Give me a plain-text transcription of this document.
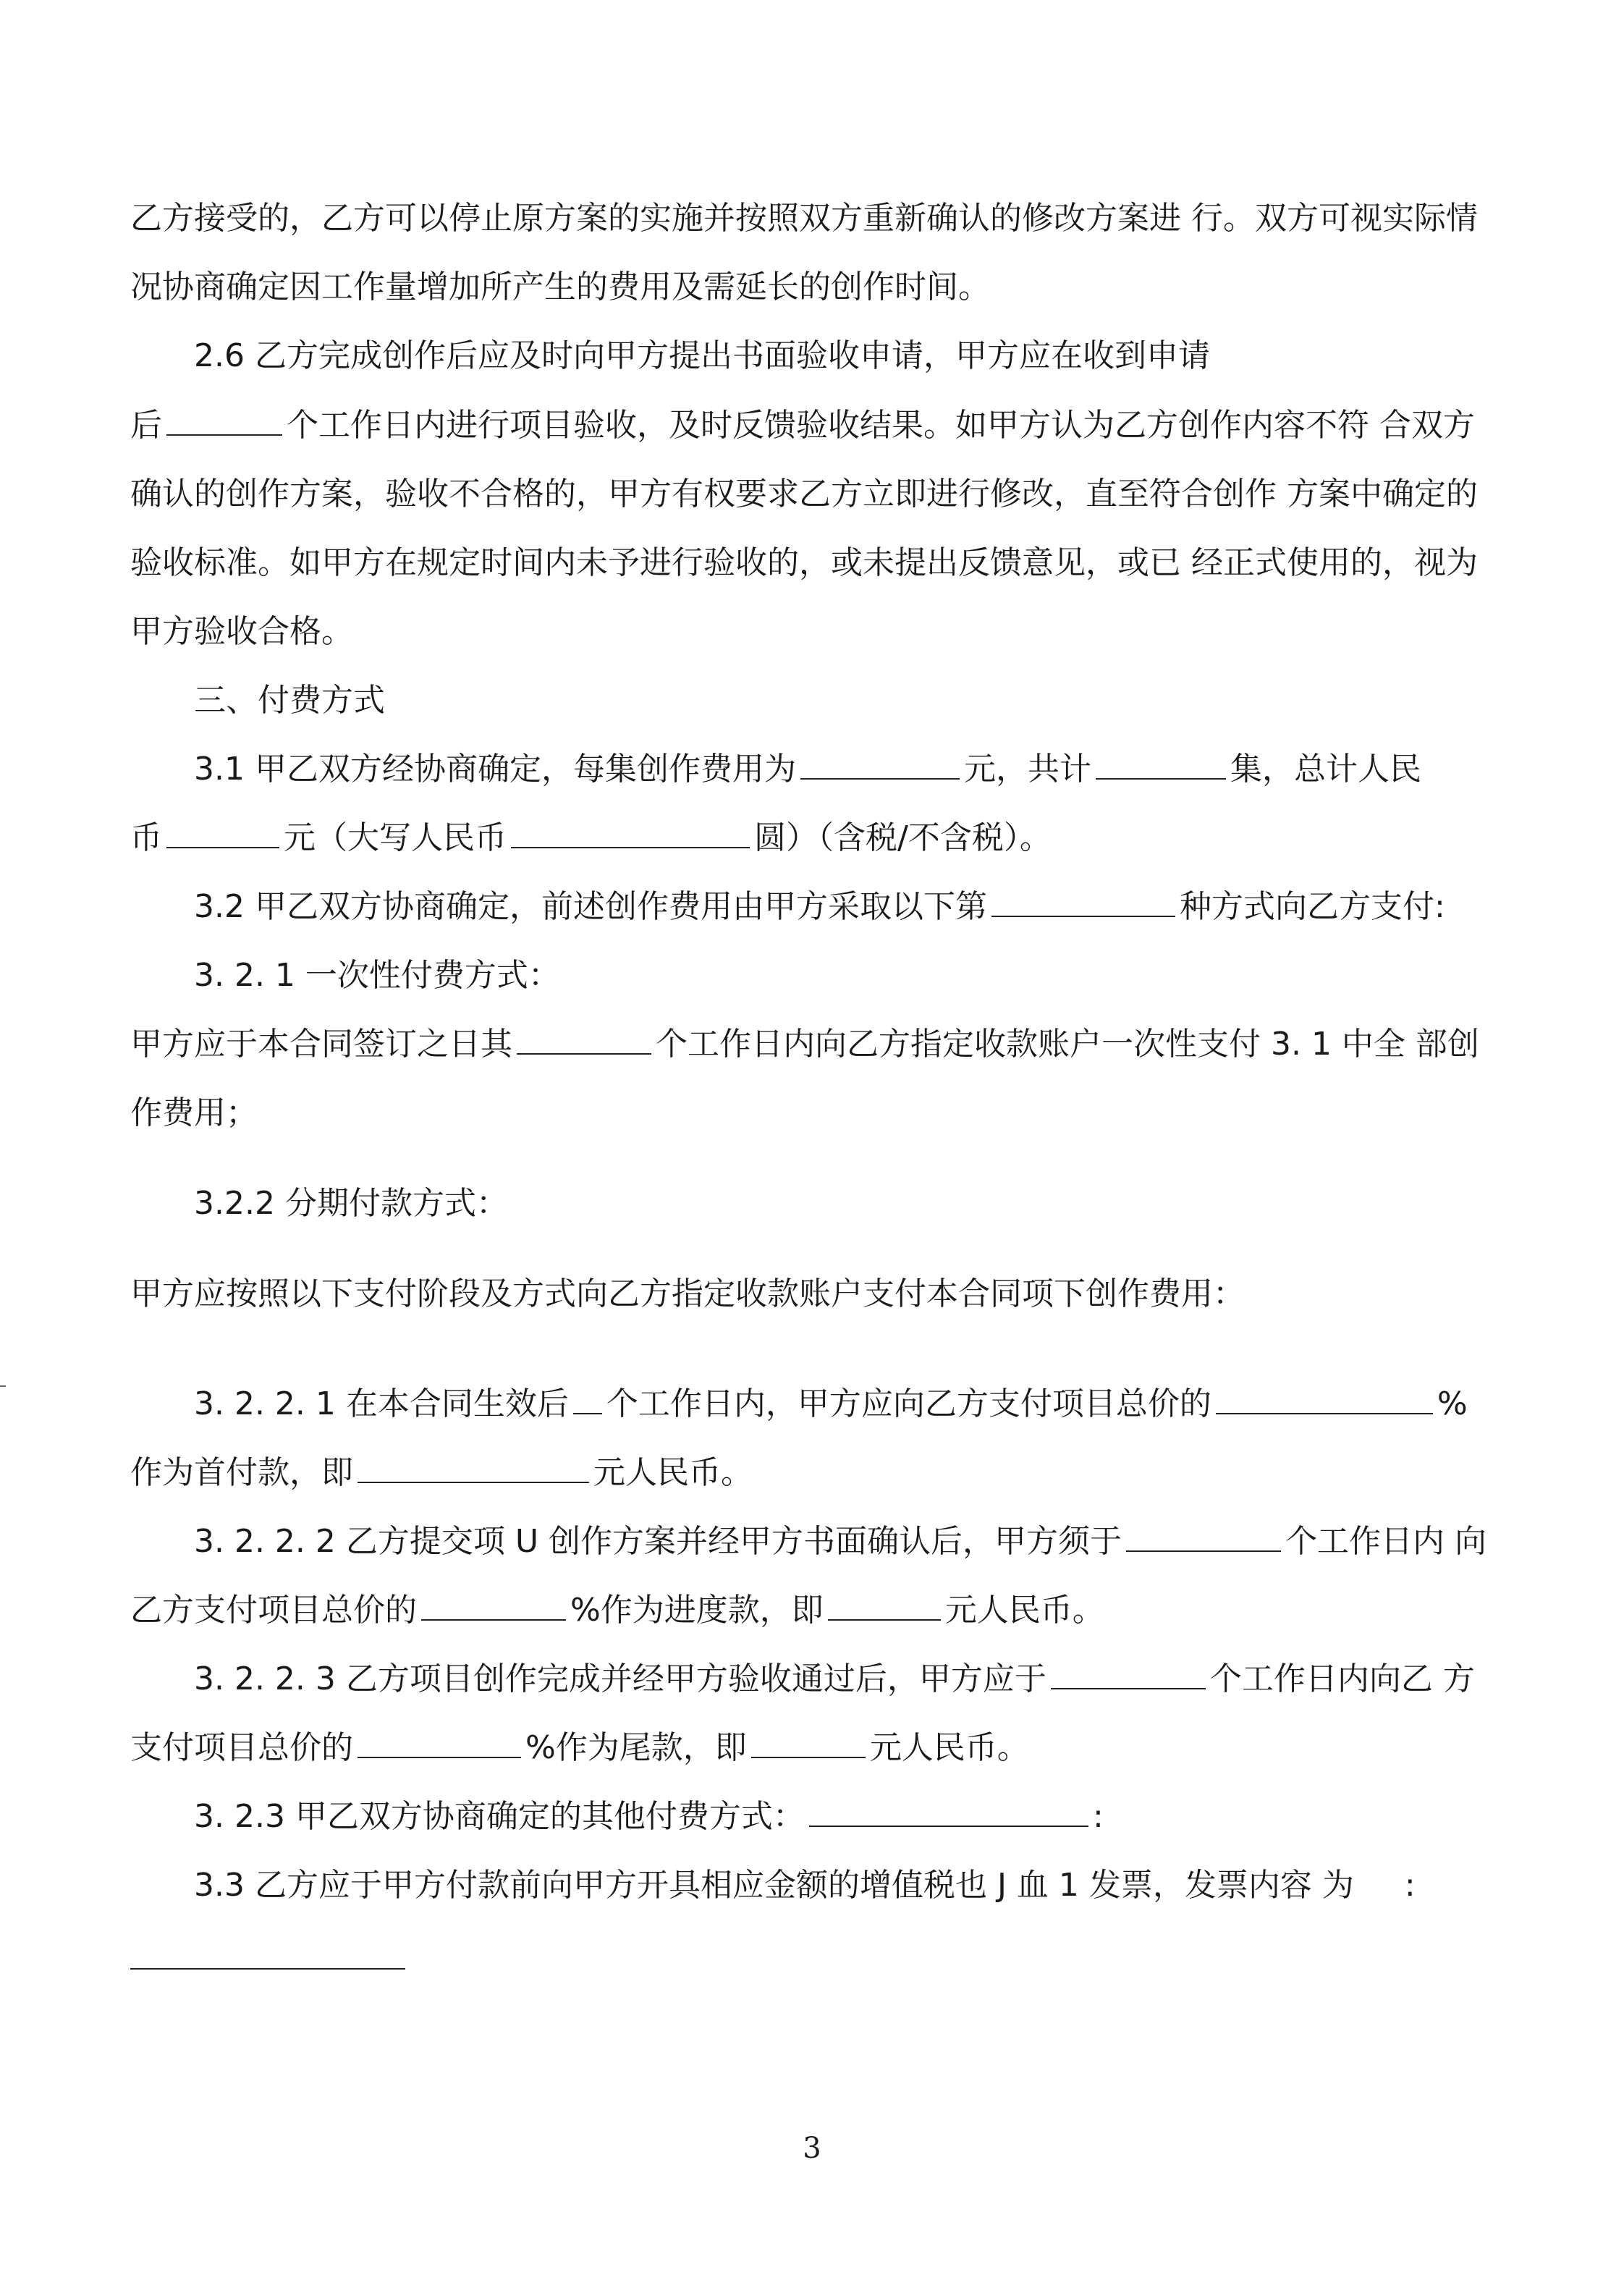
乙方接受的，乙方可以停止原方案的实施并按照双方重新确认的修改方案进 行。双方可视实际情

况协商确定因工作量增加所产生的费用及需延长的创作时间。

2.6 乙方完成创作后应及时向甲方提出书面验收申请，甲方应在收到申请

后	个工作日内进行项目验收，及时反馈验收结果。如甲方认为乙方创作内容不符 合双方

确认的创作方案，验收不合格的，甲方有权要求乙方立即进行修改，直至符合创作 方案中确定的

验收标准。如甲方在规定时间内未予进行验收的，或未提出反馈意见，或已 经正式使用的，视为

甲方验收合格。

三、付费方式

3.1 甲乙双方经协商确定，每集创作费用为	元，共计	集，总计人民

币	元（大写人民币	圆）（含税/不含税）。

3.2 甲乙双方协商确定，前述创作费用由甲方采取以下第	种方式向乙方支付:

3. 2. 1 一次性付费方式：

甲方应于本合同签订之日其	个工作日内向乙方指定收款账户一次性支付 3. 1 中全 部创

作费用；

3.2.2 分期付款方式：

甲方应按照以下支付阶段及方式向乙方指定收款账户支付本合同项下创作费用：

3. 2. 2. 1 在本合同生效后 个工作日内，甲方应向乙方支付项目总价的	%

作为首付款，即	元人民币。

3. 2. 2. 2 乙方提交项 U 创作方案并经甲方书面确认后，甲方须于	个工作日内 向

乙方支付项目总价的	%作为进度款，即	元人民币。

3. 2. 2. 3 乙方项目创作完成并经甲方验收通过后，甲方应于	个工作日内向乙 方

支付项目总价的	%作为尾款，即	元人民币。

3. 2.3 甲乙双方协商确定的其他付费方式：	:

3.3 乙方应于甲方付款前向甲方开具相应金额的增值税也 J 血 1 发票，发票内容 为 :

3
